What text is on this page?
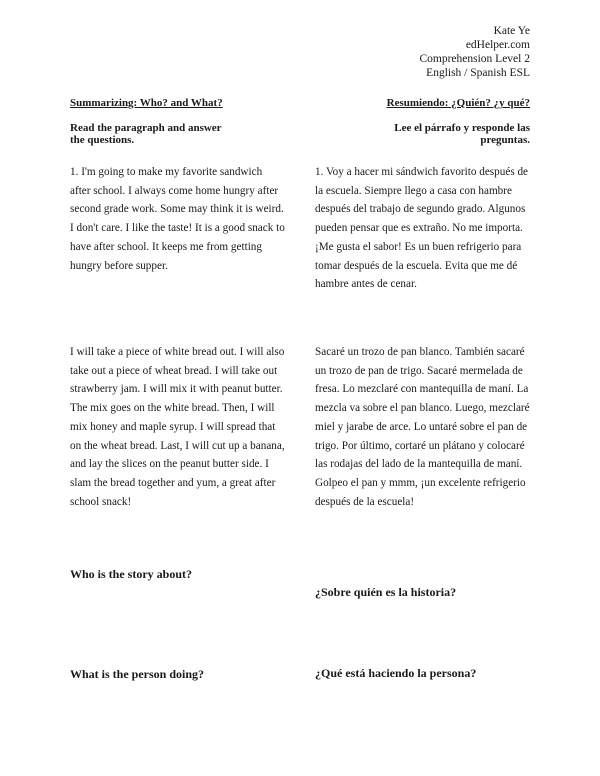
Kate Ye
edHelper.com
Comprehension Level 2
English / Spanish ESL
Summarizing: Who? and What?
Read the paragraph and answer
the questions.

1. I'm going to make my favorite sandwich after school. I always come home hungry after second grade work. Some may think it is weird. I don't care. I like the taste! It is a good snack to have after school. It keeps me from getting hungry before supper.

I will take a piece of white bread out. I will also take out a piece of wheat bread. I will take out strawberry jam. I will mix it with peanut butter. The mix goes on the white bread. Then, I will mix honey and maple syrup. I will spread that on the wheat bread. Last, I will cut up a banana, and lay the slices on the peanut butter side. I slam the bread together and yum, a great after school snack!

Who is the story about?
What is the person doing?
Resumiendo: ¿Quién? ¿y qué?
Lee el párrafo y responde las
preguntas.

1. Voy a hacer mi sándwich favorito después de la escuela. Siempre llego a casa con hambre después del trabajo de segundo grado. Algunos pueden pensar que es extraño. No me importa. ¡Me gusta el sabor! Es un buen refrigerio para tomar después de la escuela. Evita que me dé hambre antes de cenar.

Sacaré un trozo de pan blanco. También sacaré un trozo de pan de trigo. Sacaré mermelada de fresa. Lo mezclaré con mantequilla de maní. La mezcla va sobre el pan blanco. Luego, mezclaré miel y jarabe de arce. Lo untaré sobre el pan de trigo. Por último, cortaré un plátano y colocaré las rodajas del lado de la mantequilla de maní. Golpeo el pan y mmm, ¡un excelente refrigerio después de la escuela!

¿Sobre quién es la historia?
¿Qué está haciendo la persona?
